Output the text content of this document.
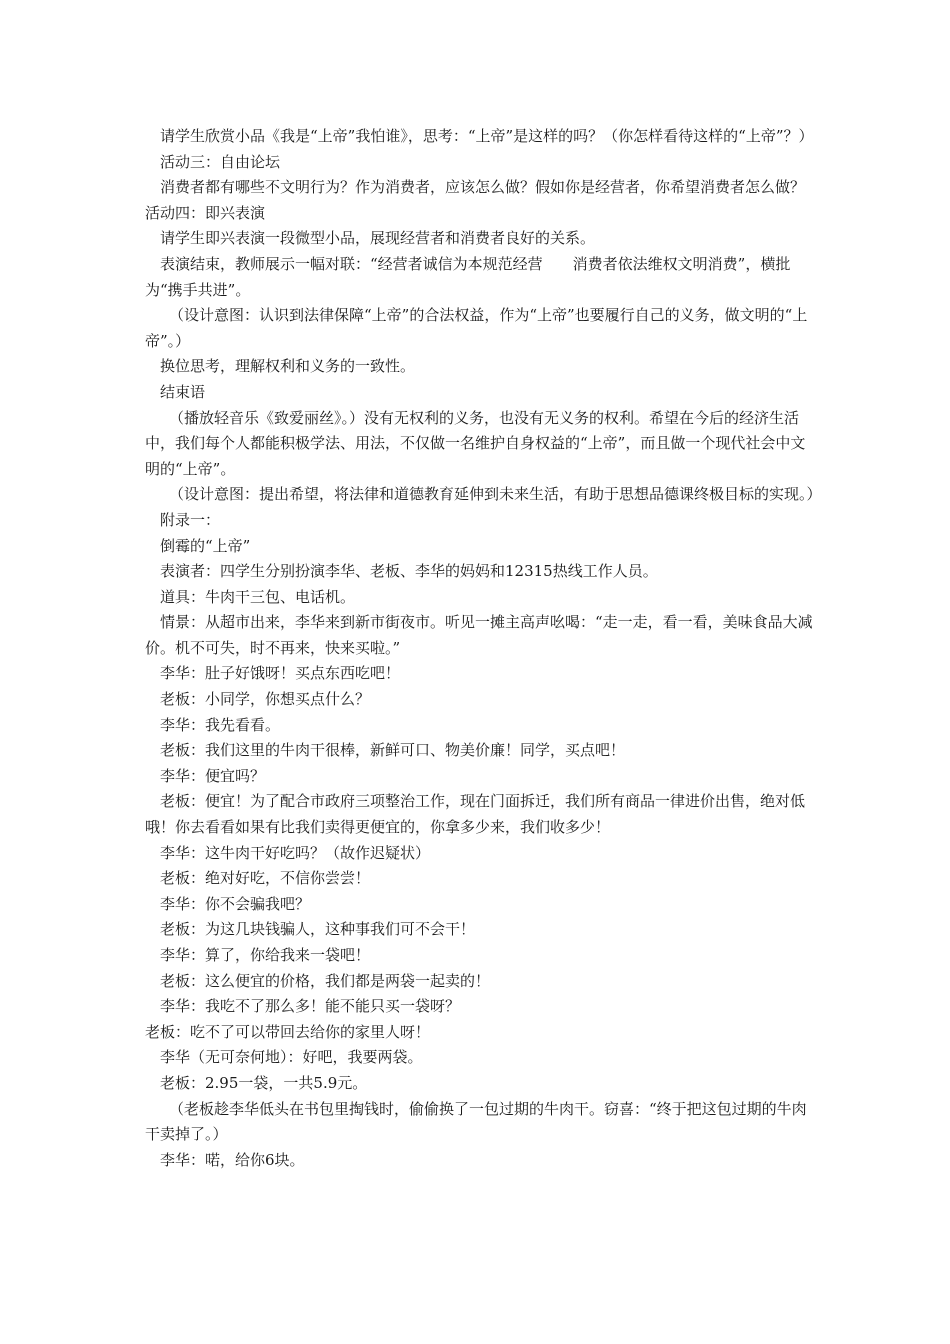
请学生欣赏小品《我是“上帝”我怕谁》，思考：“上帝”是这样的吗？（你怎样看待这样的“上帝”？）

活动三：自由论坛

消费者都有哪些不文明行为？作为消费者，应该怎么做？假如你是经营者，你希望消费者怎么做？

活动四：即兴表演

请学生即兴表演一段微型小品，展现经营者和消费者良好的关系。

表演结束，教师展示一幅对联：“经营者诚信为本规范经营　　消费者依法维权文明消费”，横批为“携手共进”。

（设计意图：认识到法律保障“上帝”的合法权益，作为“上帝”也要履行自己的义务，做文明的“上帝”。）

换位思考，理解权利和义务的一致性。

结束语

（播放轻音乐《致爱丽丝》。）没有无权利的义务，也没有无义务的权利。希望在今后的经济生活中，我们每个人都能积极学法、用法，不仅做一名维护自身权益的“上帝”，而且做一个现代社会中文明的“上帝”。

（设计意图：提出希望，将法律和道德教育延伸到未来生活，有助于思想品德课终极目标的实现。）

附录一：

倒霉的“上帝”

表演者：四学生分别扮演李华、老板、李华的妈妈和12315热线工作人员。

道具：牛肉干三包、电话机。

情景：从超市出来，李华来到新市街夜市。听见一摊主高声吆喝：“走一走，看一看，美味食品大减价。机不可失，时不再来，快来买啦。”

李华：肚子好饿呀！买点东西吃吧！

老板：小同学，你想买点什么？

李华：我先看看。

老板：我们这里的牛肉干很棒，新鲜可口、物美价廉！同学，买点吧！

李华：便宜吗？

老板：便宜！为了配合市政府三项整治工作，现在门面拆迁，我们所有商品一律进价出售，绝对低哦！你去看看如果有比我们卖得更便宜的，你拿多少来，我们收多少！

李华：这牛肉干好吃吗？（故作迟疑状）

老板：绝对好吃，不信你尝尝！

李华：你不会骗我吧？

老板：为这几块钱骗人，这种事我们可不会干！

李华：算了，你给我来一袋吧！

老板：这么便宜的价格，我们都是两袋一起卖的！

李华：我吃不了那么多！能不能只买一袋呀？

老板：吃不了可以带回去给你的家里人呀！

李华（无可奈何地）：好吧，我要两袋。

老板：2.95一袋，一共5.9元。

（老板趁李华低头在书包里掏钱时，偷偷换了一包过期的牛肉干。窃喜：“终于把这包过期的牛肉干卖掉了。）

李华：喏，给你6块。
